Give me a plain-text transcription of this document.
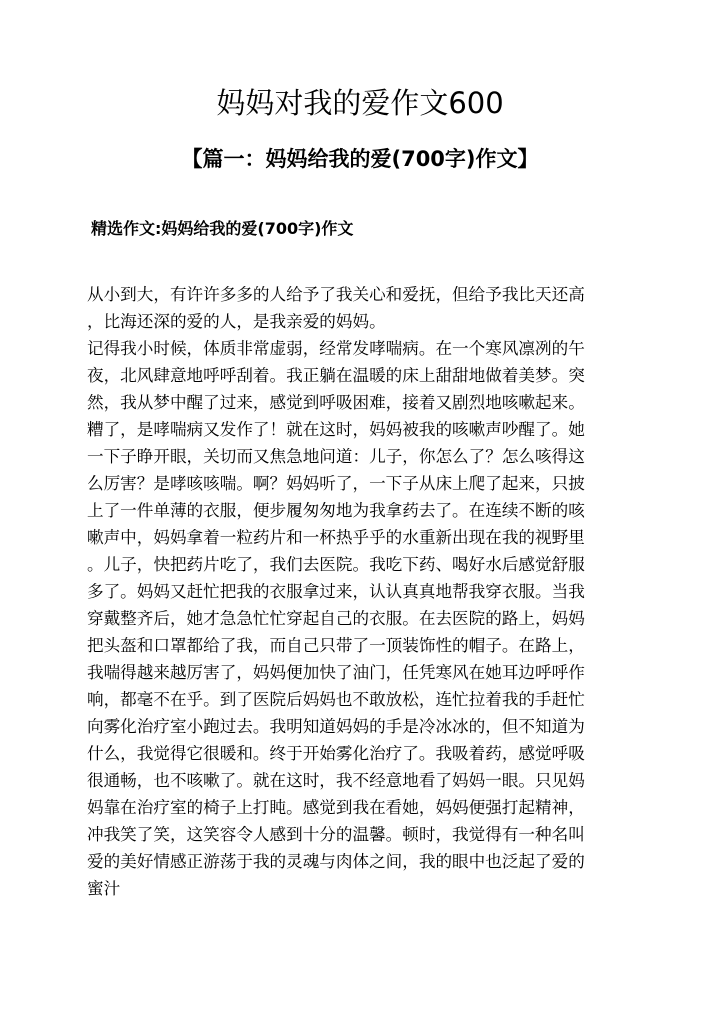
妈妈对我的爱作文600
【篇一：妈妈给我的爱(700字)作文】
精选作文:妈妈给我的爱(700字)作文
从小到大，有许许多多的人给予了我关心和爱抚，但给予我比天还高
，比海还深的爱的人，是我亲爱的妈妈。
记得我小时候，体质非常虚弱，经常发哮喘病。在一个寒风凛冽的午
夜，北风肆意地呼呼刮着。我正躺在温暖的床上甜甜地做着美梦。突
然，我从梦中醒了过来，感觉到呼吸困难，接着又剧烈地咳嗽起来。
糟了，是哮喘病又发作了！就在这时，妈妈被我的咳嗽声吵醒了。她
一下子睁开眼，关切而又焦急地问道：儿子，你怎么了？怎么咳得这
么厉害？是哮咳咳喘。啊？妈妈听了，一下子从床上爬了起来，只披
上了一件单薄的衣服，便步履匆匆地为我拿药去了。在连续不断的咳
嗽声中，妈妈拿着一粒药片和一杯热乎乎的水重新出现在我的视野里
。儿子，快把药片吃了，我们去医院。我吃下药、喝好水后感觉舒服
多了。妈妈又赶忙把我的衣服拿过来，认认真真地帮我穿衣服。当我
穿戴整齐后，她才急急忙忙穿起自己的衣服。在去医院的路上，妈妈
把头盔和口罩都给了我，而自己只带了一顶装饰性的帽子。在路上，
我喘得越来越厉害了，妈妈便加快了油门，任凭寒风在她耳边呼呼作
响，都毫不在乎。到了医院后妈妈也不敢放松，连忙拉着我的手赶忙
向雾化治疗室小跑过去。我明知道妈妈的手是冷冰冰的，但不知道为
什么，我觉得它很暖和。终于开始雾化治疗了。我吸着药，感觉呼吸
很通畅，也不咳嗽了。就在这时，我不经意地看了妈妈一眼。只见妈
妈靠在治疗室的椅子上打盹。感觉到我在看她，妈妈便强打起精神，
冲我笑了笑，这笑容令人感到十分的温馨。顿时，我觉得有一种名叫
爱的美好情感正游荡于我的灵魂与肉体之间，我的眼中也泛起了爱的
蜜汁
